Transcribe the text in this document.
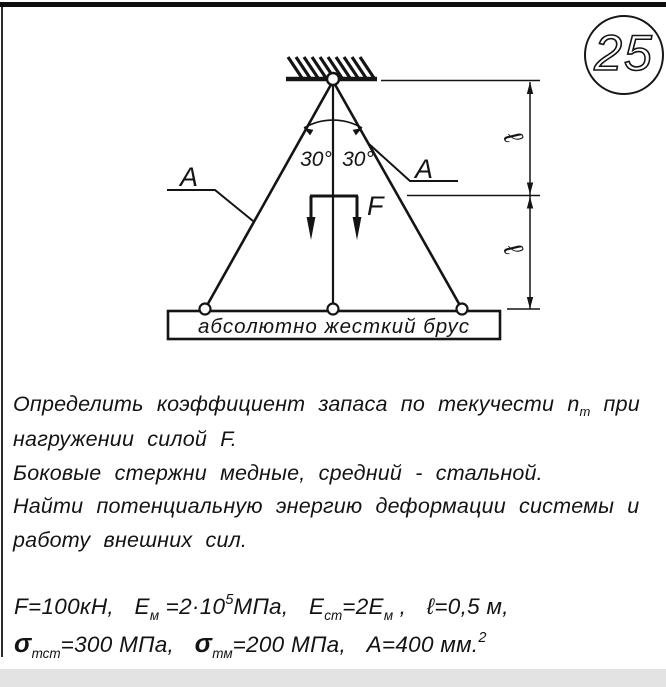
25
A	A
30° 30°
F
абсолютно жесткий брус
ℓ
ℓ
Определить коэффициент запаса по текучести $n_т$ при
нагружении силой F.
Боковые стержни медные, средний - стальной.
Найти потенциальную энергию деформации системы и
работу внешних сил.
F=100кН, $E_м =2\cdot 10^5МПа$, $E_{ст}=2E_м$ , ℓ=0,5 м,
$\sigma_{тст}=300$ МПа, $\sigma_{тм}=200$ МПа, А=400 мм.$^2$
